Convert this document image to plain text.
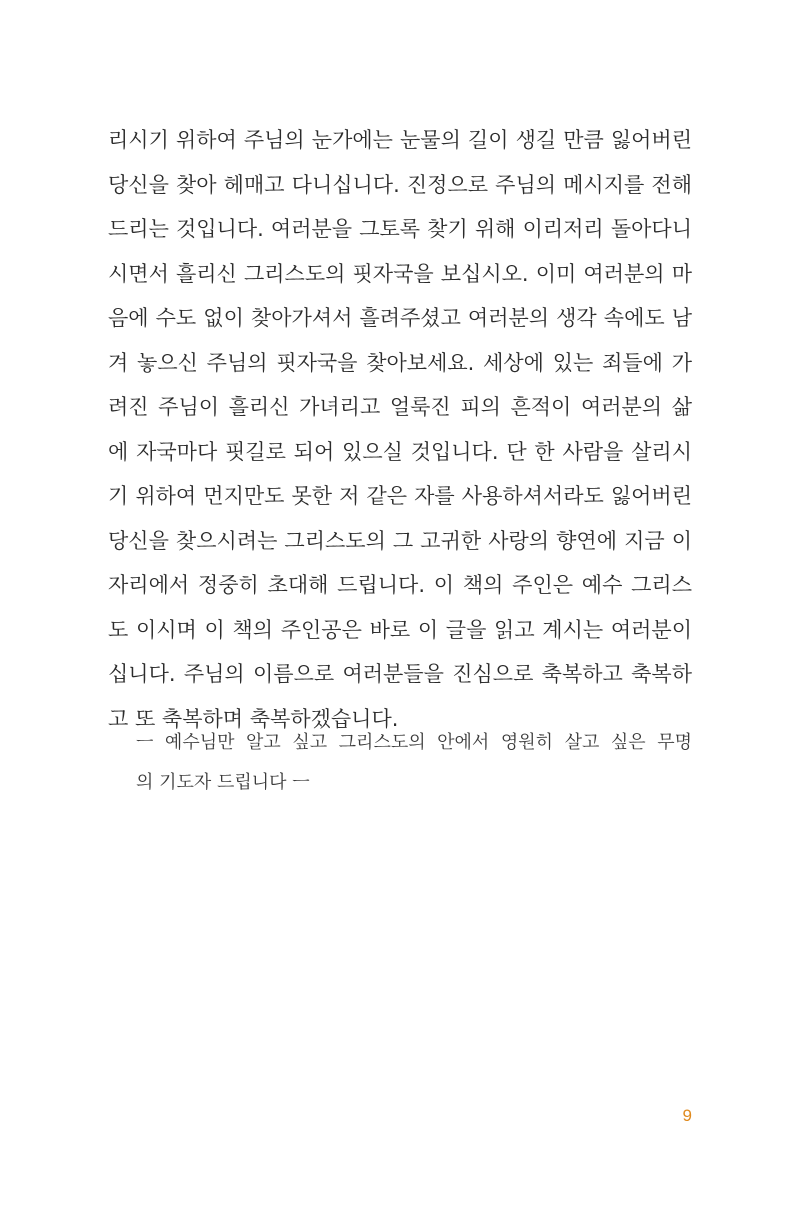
리시기 위하여 주님의 눈가에는 눈물의 길이 생길 만큼 잃어버린
당신을 찾아 헤매고 다니십니다. 진정으로 주님의 메시지를 전해
드리는 것입니다. 여러분을 그토록 찾기 위해 이리저리 돌아다니
시면서 흘리신 그리스도의 핏자국을 보십시오. 이미 여러분의 마
음에 수도 없이 찾아가셔서 흘려주셨고 여러분의 생각 속에도 남
겨 놓으신 주님의 핏자국을 찾아보세요. 세상에 있는 죄들에 가
려진 주님이 흘리신 가녀리고 얼룩진 피의 흔적이 여러분의 삶
에 자국마다 핏길로 되어 있으실 것입니다. 단 한 사람을 살리시
기 위하여 먼지만도 못한 저 같은 자를 사용하셔서라도 잃어버린
당신을 찾으시려는 그리스도의 그 고귀한 사랑의 향연에 지금 이
자리에서 정중히 초대해 드립니다. 이 책의 주인은 예수 그리스
도 이시며 이 책의 주인공은 바로 이 글을 읽고 계시는 여러분이
십니다. 주님의 이름으로 여러분들을 진심으로 축복하고 축복하
고 또 축복하며 축복하겠습니다.
ㅡ 예수님만 알고 싶고 그리스도의 안에서 영원히 살고 싶은 무명
의 기도자 드립니다 ㅡ
9
